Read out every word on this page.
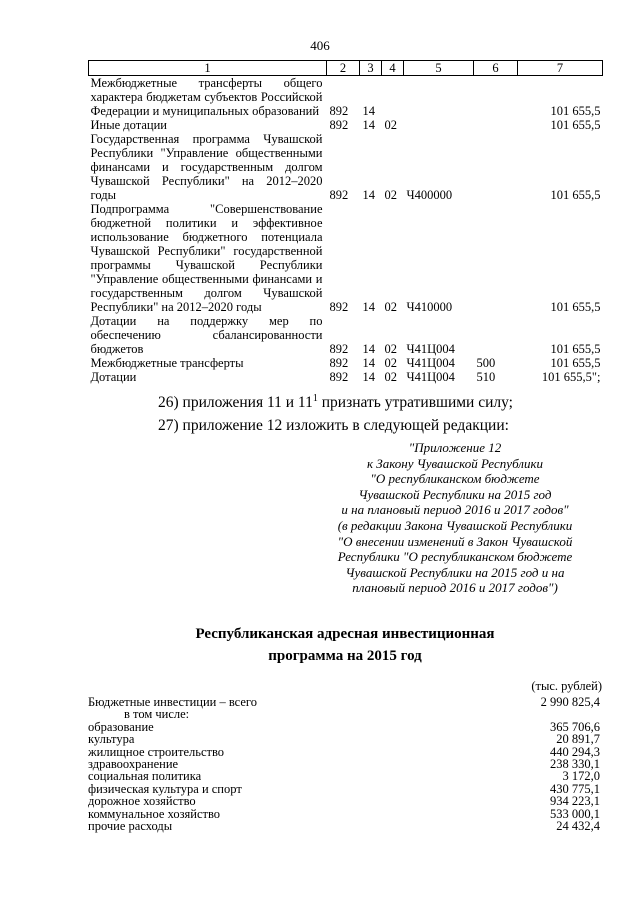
406
1	2	3	4	5	6	7
Межбюджетные трансферты общего характера бюджетам субъектов Российской Федерации и муниципальных образований	892	14				101 655,5
Иные дотации	892	14	02			101 655,5
Государственная программа Чувашской Республики "Управление общественными финансами и государственным долгом Чувашской Республики" на 2012–2020 годы	892	14	02	Ч400000		101 655,5
Подпрограмма "Совершенствование бюджетной политики и эффективное использование бюджетного потенциала Чувашской Республики" государственной программы Чувашской Республики "Управление общественными финансами и государственным долгом Чувашской Республики" на 2012–2020 годы	892	14	02	Ч410000		101 655,5
Дотации на поддержку мер по обеспечению сбалансированности бюджетов	892	14	02	Ч41Ц004		101 655,5
Межбюджетные трансферты	892	14	02	Ч41Ц004	500	101 655,5
Дотации	892	14	02	Ч41Ц004	510	101 655,5";
26) приложения 11 и $11^1$ признать утратившими силу;
27) приложение 12 изложить в следующей редакции:
"Приложение 12
к Закону Чувашской Республики
"О республиканском бюджете
Чувашской Республики на 2015 год
и на плановый период 2016 и 2017 годов"
(в редакции Закона Чувашской Республики
"О внесении изменений в Закон Чувашской
Республики "О республиканском бюджете
Чувашской Республики на 2015 год и на
плановый период 2016 и 2017 годов")
Республиканская адресная инвестиционная
программа на 2015 год
(тыс. рублей)
Бюджетные инвестиции – всего	2 990 825,4
в том числе:	
образование	365 706,6
культура	20 891,7
жилищное строительство	440 294,3
здравоохранение	238 330,1
социальная политика	3 172,0
физическая культура и спорт	430 775,1
дорожное хозяйство	934 223,1
коммунальное хозяйство	533 000,1
прочие расходы	24 432,4
